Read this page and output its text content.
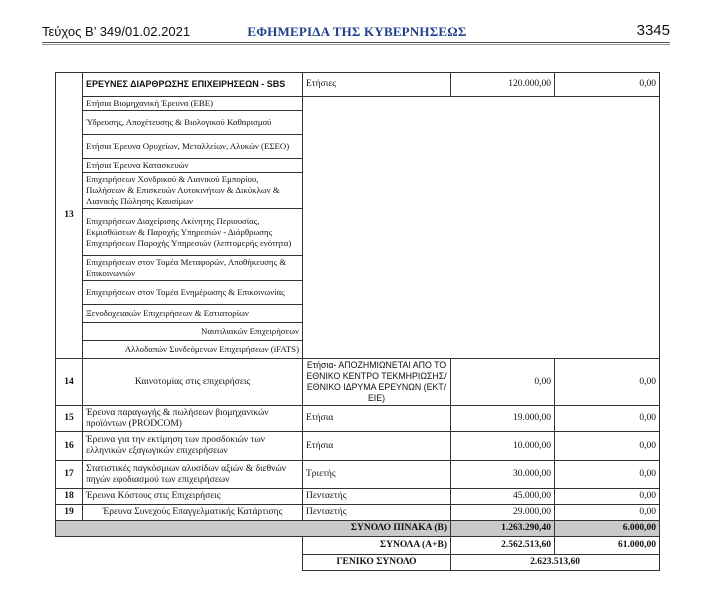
Τεύχος Β’ 349/01.02.2021	ΕΦΗΜΕΡΙΔΑ ΤΗΣ ΚΥΒΕΡΝΗΣΕΩΣ	3345
13	ΕΡΕΥΝΕΣ ΔΙΑΡΘΡΩΣΗΣ ΕΠΙΧΕΙΡΗΣΕΩΝ - SBS	Ετήσιες	120.000,00	0,00
	Ετήσια Βιομηχανική Έρευνα (ΕΒΕ)			
	Ύδρευσης, Αποχέτευσης & Βιολογικού Καθαρισμού			
	Ετήσια Έρευνα Ορυχείων, Μεταλλείων, Αλυκών (ΕΣΕΟ)			
	Ετήσια Έρευνα Κατασκευών			
	Επιχειρήσεων Χονδρικού & Λιανικού Εμπορίου, Πωλήσεων & Επισκευών Αυτοκινήτων & Δικύκλων & Λιανικής Πώλησης Καυσίμων			
	Επιχειρήσεων Διαχείρισης Ακίνητης Περιουσίας, Εκμισθώσεων & Παροχής Υπηρεσιών - Διάρθρωσης Επιχειρήσεων Παροχής Υπηρεσιών (λεπτομερής ενότητα)			
	Επιχειρήσεων στον Τομέα Μεταφορών, Αποθήκευσης & Επικοινωνιών			
	Επιχειρήσεων στον Τομέα Ενημέρωσης & Επικοινωνίας			
	Ξενοδοχειακών Επιχειρήσεων & Εστιατορίων			
	Ναυτιλιακών Επιχειρήσεων			
	Αλλοδαπών Συνδεόμενων Επιχειρήσεων (iFATS)			
14	Καινοτομίας στις επιχειρήσεις	Ετήσια- ΑΠΟΖΗΜΙΩΝΕΤΑΙ ΑΠΟ ΤΟ ΕΘΝΙΚΟ ΚΕΝΤΡΟ ΤΕΚΜΗΡΙΩΣΗΣ/ΕΘΝΙΚΟ ΙΔΡΥΜΑ ΕΡΕΥΝΩΝ (ΕΚΤ/ΕΙΕ)	0,00	0,00
15	Έρευνα παραγωγής & πωλήσεων βιομηχανικών προϊόντων (PRODCOM)	Ετήσια	19.000,00	0,00
16	Έρευνα για την εκτίμηση των προσδοκιών των ελληνικών εξαγωγικών επιχειρήσεων	Ετήσια	10.000,00	0,00
17	Στατιστικές παγκόσμιων αλυσίδων αξιών & διεθνών πηγών εφοδιασμού των επιχειρήσεων	Τριετής	30.000,00	0,00
18	Έρευνα Κόστους στις Επιχειρήσεις	Πενταετής	45.000,00	0,00
19	Έρευνα Συνεχούς Επαγγελματικής Κατάρτισης	Πενταετής	29.000,00	0,00
ΣΥΝΟΛΟ ΠΙΝΑΚΑ (Β)			1.263.290,40	6.000,00
		ΣΥΝΟΛΑ (Α+Β)	2.562.513,60	61.000,00
		ΓΕΝΙΚΟ ΣΥΝΟΛΟ	2.623.513,60	
